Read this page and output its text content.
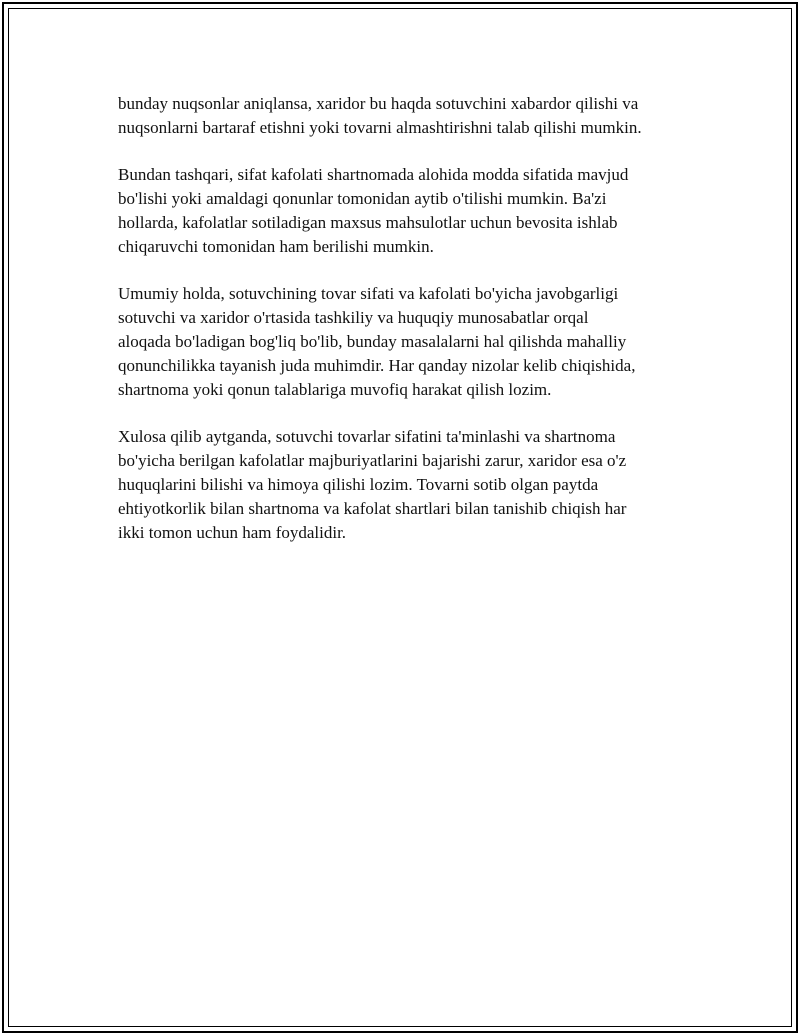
bunday nuqsonlar aniqlansa, xaridor bu haqda sotuvchini xabardor qilishi va
nuqsonlarni bartaraf etishni yoki tovarni almashtirishni talab qilishi mumkin.

Bundan tashqari, sifat kafolati shartnomada alohida modda sifatida mavjud
bo'lishi yoki amaldagi qonunlar tomonidan aytib o'tilishi mumkin. Ba'zi
hollarda, kafolatlar sotiladigan maxsus mahsulotlar uchun bevosita ishlab
chiqaruvchi tomonidan ham berilishi mumkin.

Umumiy holda, sotuvchining tovar sifati va kafolati bo'yicha javobgarligi
sotuvchi va xaridor o'rtasida tashkiliy va huquqiy munosabatlar orqal
aloqada bo'ladigan bog'liq bo'lib, bunday masalalarni hal qilishda mahalliy
qonunchilikka tayanish juda muhimdir. Har qanday nizolar kelib chiqishida,
shartnoma yoki qonun talablariga muvofiq harakat qilish lozim.

Xulosa qilib aytganda, sotuvchi tovarlar sifatini ta'minlashi va shartnoma
bo'yicha berilgan kafolatlar majburiyatlarini bajarishi zarur, xaridor esa o'z
huquqlarini bilishi va himoya qilishi lozim. Tovarni sotib olgan paytda
ehtiyotkorlik bilan shartnoma va kafolat shartlari bilan tanishib chiqish har
ikki tomon uchun ham foydalidir.
